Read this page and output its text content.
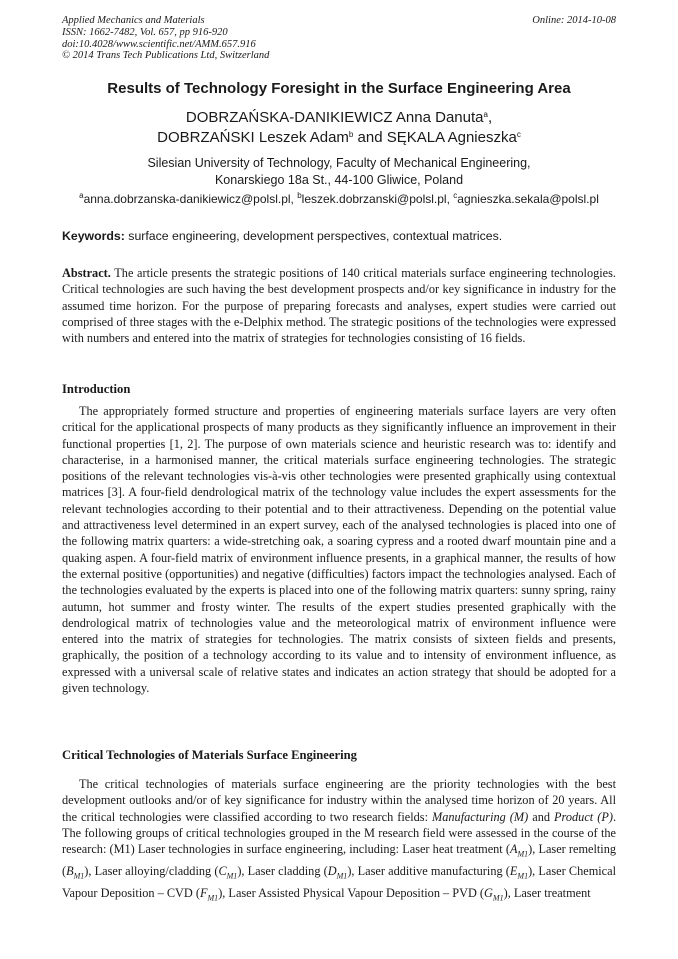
Applied Mechanics and Materials
ISSN: 1662-7482, Vol. 657, pp 916-920
doi:10.4028/www.scientific.net/AMM.657.916
© 2014 Trans Tech Publications Ltd, Switzerland
Online: 2014-10-08
Results of Technology Foresight in the Surface Engineering Area
DOBRZAŃSKA-DANIKIEWICZ Anna Danuta$^a$,
DOBRZAŃSKI Leszek Adam$^b$ and SĘKALA Agnieszka$^c$
Silesian University of Technology, Faculty of Mechanical Engineering,
Konarskiego 18a St., 44-100 Gliwice, Poland
$^a$anna.dobrzanska-danikiewicz@polsl.pl, $^b$leszek.dobrzanski@polsl.pl, $^c$agnieszka.sekala@polsl.pl
Keywords: surface engineering, development perspectives, contextual matrices.

Abstract. The article presents the strategic positions of 140 critical materials surface engineering technologies. Critical technologies are such having the best development prospects and/or key significance in industry for the assumed time horizon. For the purpose of preparing forecasts and analyses, expert studies were carried out comprised of three stages with the e-Delphix method. The strategic positions of the technologies were expressed with numbers and entered into the matrix of strategies for technologies consisting of 16 fields.

Introduction

The appropriately formed structure and properties of engineering materials surface layers are very often critical for the applicational prospects of many products as they significantly influence an improvement in their functional properties [1, 2]. The purpose of own materials science and heuristic research was to: identify and characterise, in a harmonised manner, the critical materials surface engineering technologies. The strategic positions of the relevant technologies vis-à-vis other technologies were presented graphically using contextual matrices [3]. A four-field dendrological matrix of the technology value includes the expert assessments for the relevant technologies according to their potential and to their attractiveness. Depending on the potential value and attractiveness level determined in an expert survey, each of the analysed technologies is placed into one of the following matrix quarters: a wide-stretching oak, a soaring cypress and a rooted dwarf mountain pine and a quaking aspen. A four-field matrix of environment influence presents, in a graphical manner, the results of how the external positive (opportunities) and negative (difficulties) factors impact the technologies analysed. Each of the technologies evaluated by the experts is placed into one of the following matrix quarters: sunny spring, rainy autumn, hot summer and frosty winter. The results of the expert studies presented graphically with the dendrological matrix of technologies value and the meteorological matrix of environment influence were entered into the matrix of strategies for technologies. The matrix consists of sixteen fields and presents, graphically, the position of a technology according to its value and to intensity of environment influence, as expressed with a universal scale of relative states and indicates an action strategy that should be adopted for a given technology.

Critical Technologies of Materials Surface Engineering

The critical technologies of materials surface engineering are the priority technologies with the best development outlooks and/or of key significance for industry within the analysed time horizon of 20 years. All the critical technologies were classified according to two research fields: Manufacturing (M) and Product (P). The following groups of critical technologies grouped in the M research field were assessed in the course of the research: (M1) Laser technologies in surface engineering, including: Laser heat treatment $(A_{M1})$, Laser remelting $(B_{M1})$, Laser alloying/cladding $(C_{M1})$, Laser cladding $(D_{M1})$, Laser additive manufacturing $(E_{M1})$, Laser Chemical Vapour Deposition – CVD $(F_{M1})$, Laser Assisted Physical Vapour Deposition – PVD $(G_{M1})$, Laser treatment
